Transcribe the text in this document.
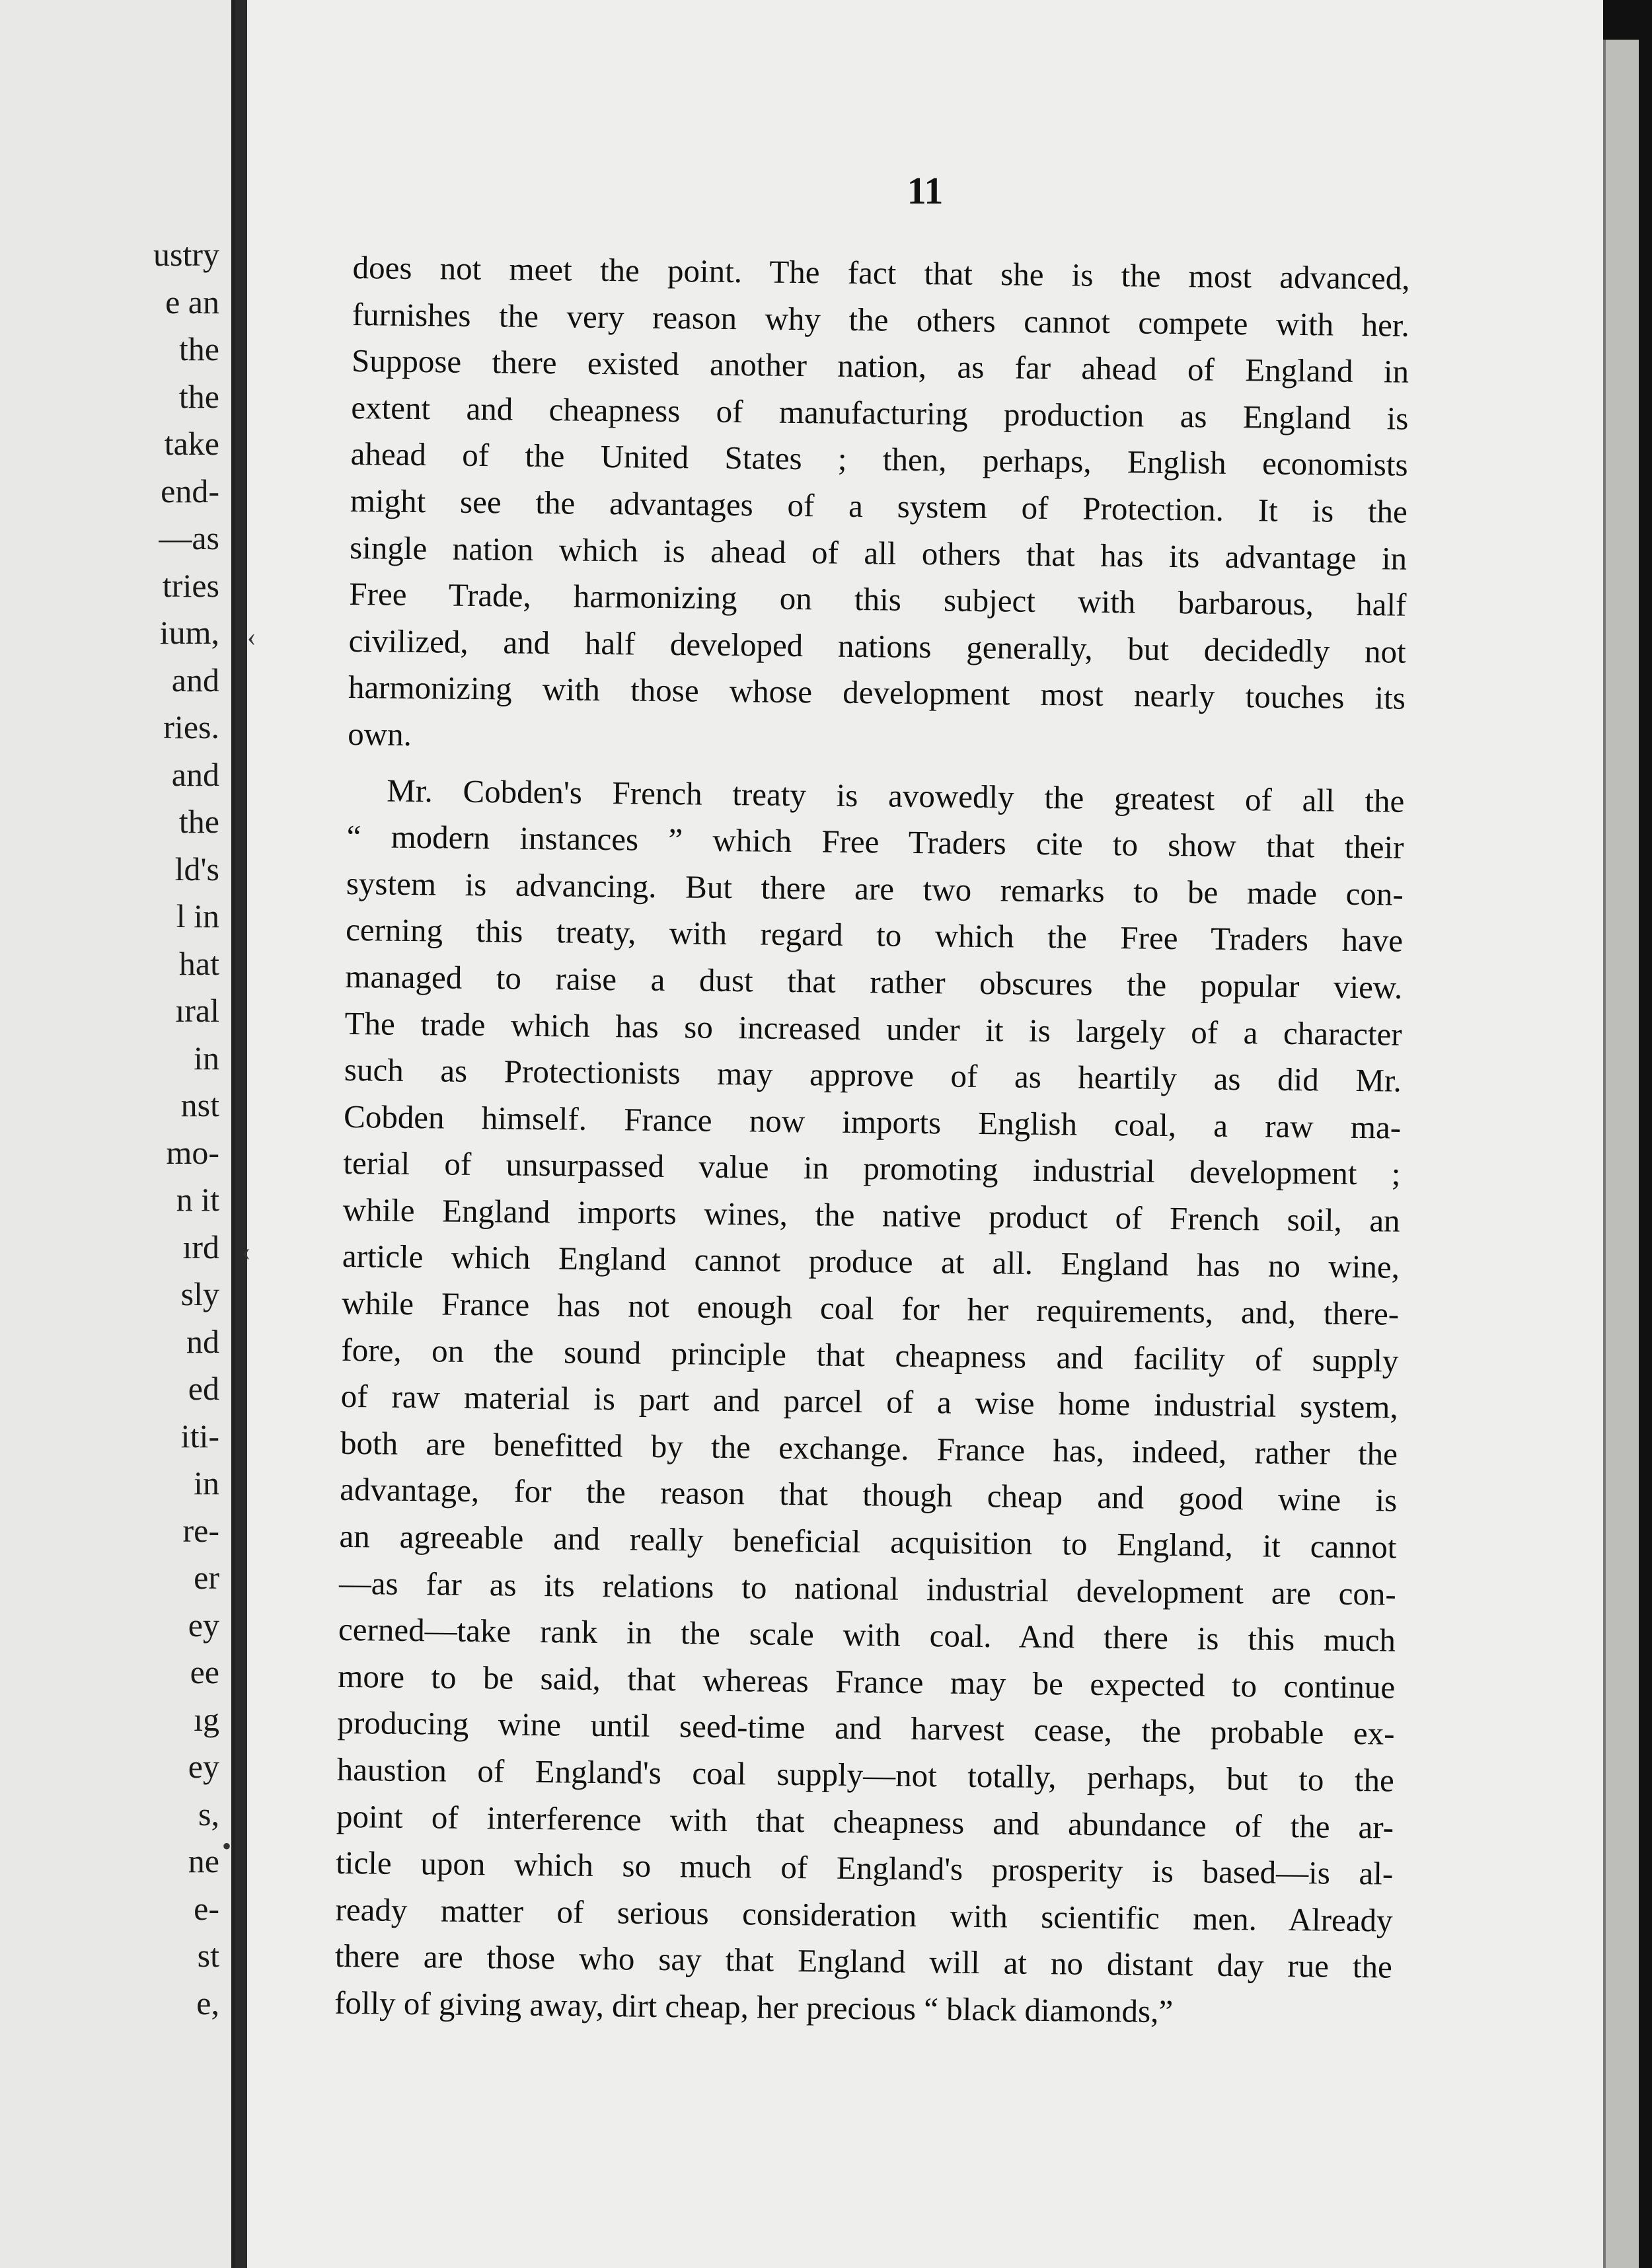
ustry
e an
the
the
take
end-
—as
tries
ium,
and
ries.
and
the
ld's
l in
hat
ıral
in
nst
mo-
n it
ırd
sly
nd
ed
iti-
in
re-
er
ey
ee
ıg
ey
s,
ne
e-
st
e,
11

does not meet the point. The fact that she is the most advanced,
furnishes the very reason why the others cannot compete with her.
Suppose there existed another nation, as far ahead of England in
extent and cheapness of manufacturing production as England is
ahead of the United States ; then, perhaps, English economists
might see the advantages of a system of Protection. It is the
single nation which is ahead of all others that has its advantage in
Free Trade, harmonizing on this subject with barbarous, half
civilized, and half developed nations generally, but decidedly not
harmonizing with those whose development most nearly touches its
own.

Mr. Cobden's French treaty is avowedly the greatest of all the
“ modern instances ” which Free Traders cite to show that their
system is advancing. But there are two remarks to be made con-
cerning this treaty, with regard to which the Free Traders have
managed to raise a dust that rather obscures the popular view.
The trade which has so increased under it is largely of a character
such as Protectionists may approve of as heartily as did Mr.
Cobden himself. France now imports English coal, a raw ma-
terial of unsurpassed value in promoting industrial development ;
while England imports wines, the native product of French soil, an
article which England cannot produce at all. England has no wine,
while France has not enough coal for her requirements, and, there-
fore, on the sound principle that cheapness and facility of supply
of raw material is part and parcel of a wise home industrial system,
both are benefitted by the exchange. France has, indeed, rather the
advantage, for the reason that though cheap and good wine is
an agreeable and really beneficial acquisition to England, it cannot
—as far as its relations to national industrial development are con-
cerned—take rank in the scale with coal. And there is this much
more to be said, that whereas France may be expected to continue
producing wine until seed-time and harvest cease, the probable ex-
haustion of England's coal supply—not totally, perhaps, but to the
point of interference with that cheapness and abundance of the ar-
ticle upon which so much of England's prosperity is based—is al-
ready matter of serious consideration with scientific men. Already
there are those who say that England will at no distant day rue the
folly of giving away, dirt cheap, her precious “ black diamonds,”

‹
‹
•
